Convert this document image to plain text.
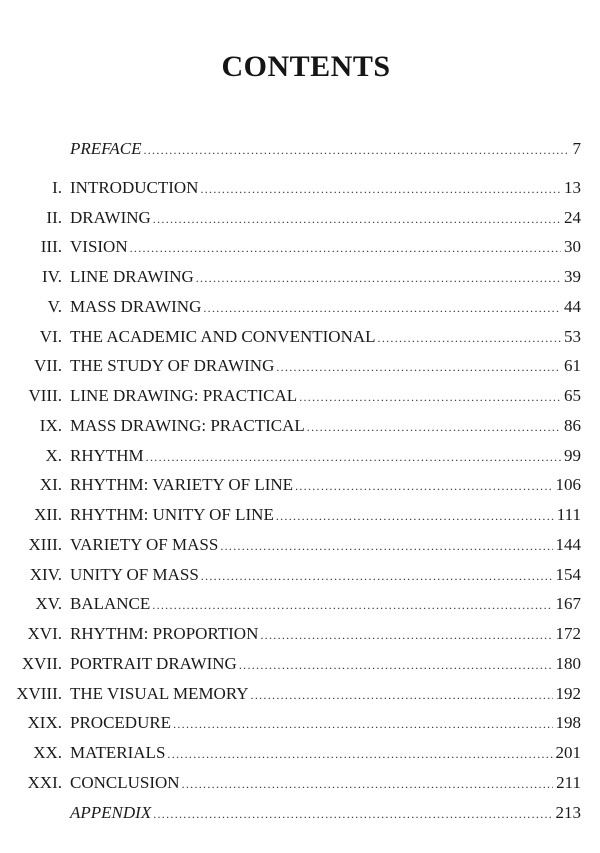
CONTENTS
PREFACE .....	7
I. INTRODUCTION .....	13
II. DRAWING .....	24
III. VISION .....	30
IV. LINE DRAWING .....	39
V. MASS DRAWING .....	44
VI. THE ACADEMIC AND CONVENTIONAL .....	53
VII. THE STUDY OF DRAWING .....	61
VIII. LINE DRAWING: PRACTICAL .....	65
IX. MASS DRAWING: PRACTICAL .....	86
X. RHYTHM .....	99
XI. RHYTHM: VARIETY OF LINE .....	106
XII. RHYTHM: UNITY OF LINE .....	111
XIII. VARIETY OF MASS .....	144
XIV. UNITY OF MASS .....	154
XV. BALANCE .....	167
XVI. RHYTHM: PROPORTION .....	172
XVII. PORTRAIT DRAWING .....	180
XVIII. THE VISUAL MEMORY .....	192
XIX. PROCEDURE .....	198
XX. MATERIALS .....	201
XXI. CONCLUSION .....	211
APPENDIX .....	213
